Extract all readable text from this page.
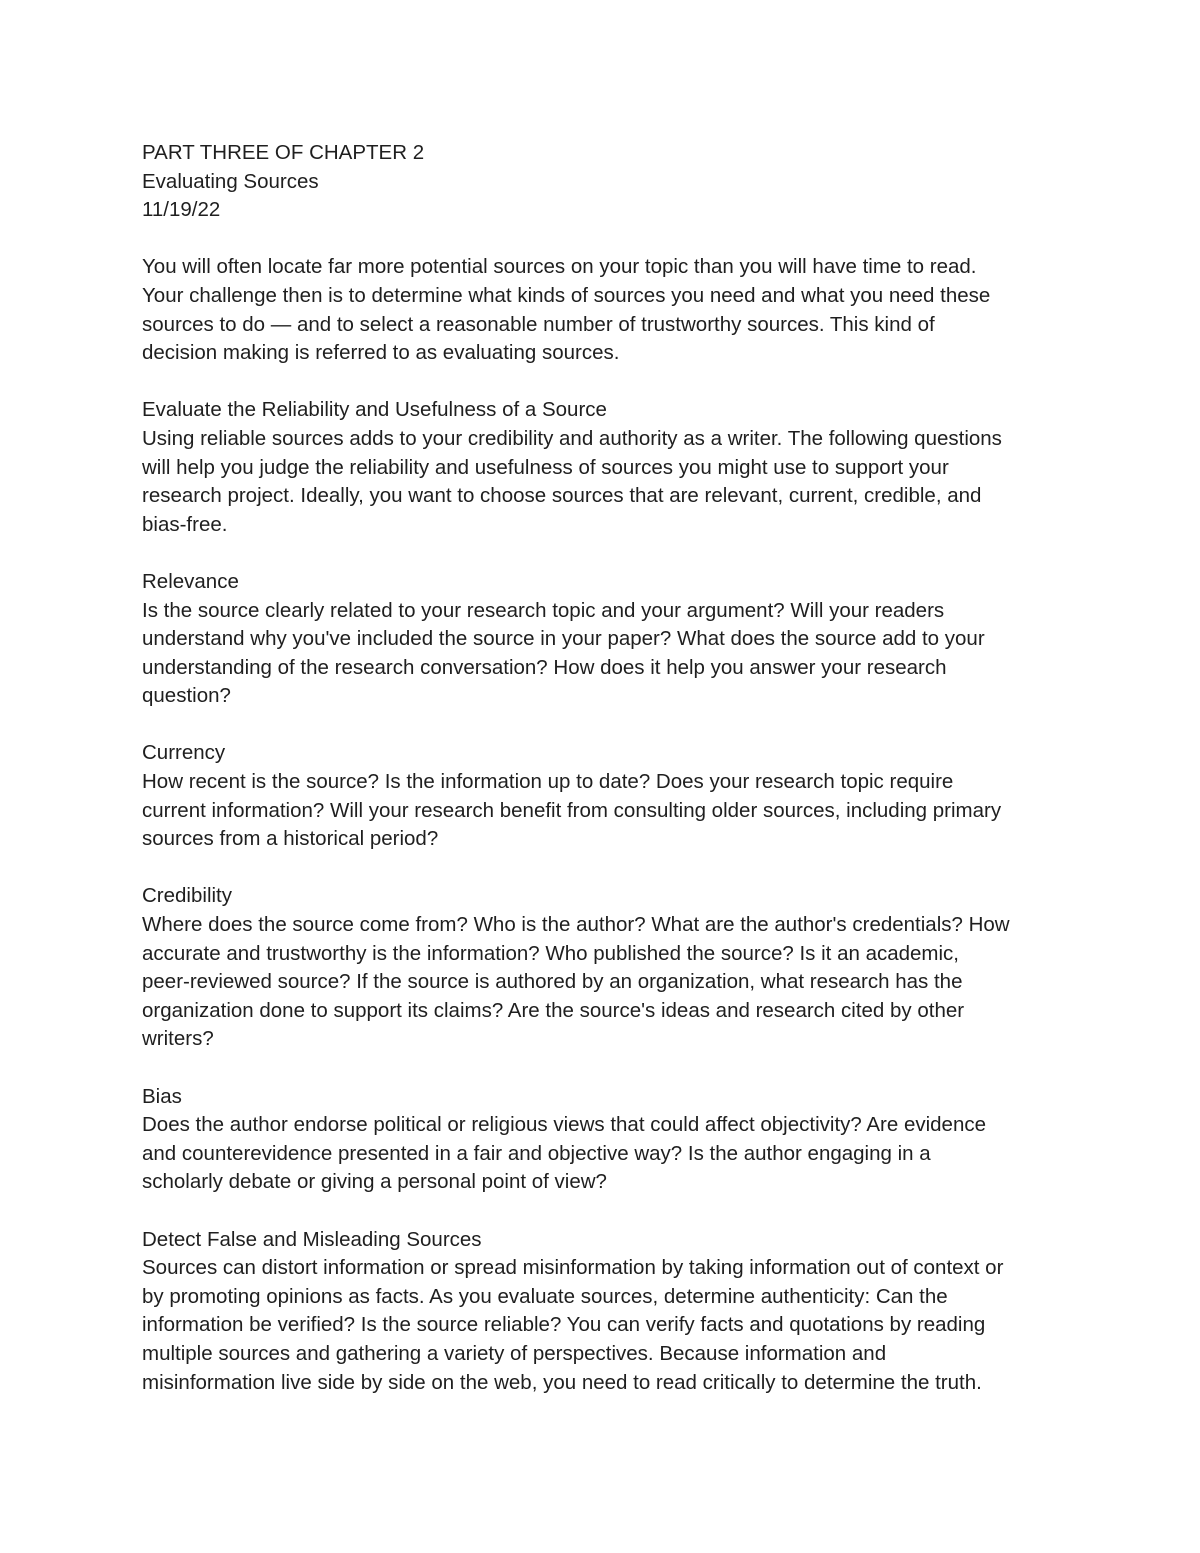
PART THREE OF CHAPTER 2

Evaluating Sources

11/19/22

You will often locate far more potential sources on your topic than you will have time to read.

Your challenge then is to determine what kinds of sources you need and what you need these

sources to do — and to select a reasonable number of trustworthy sources. This kind of

decision making is referred to as evaluating sources.

Evaluate the Reliability and Usefulness of a Source

Using reliable sources adds to your credibility and authority as a writer. The following questions

will help you judge the reliability and usefulness of sources you might use to support your

research project. Ideally, you want to choose sources that are relevant, current, credible, and

bias-free.

Relevance

Is the source clearly related to your research topic and your argument? Will your readers

understand why you've included the source in your paper? What does the source add to your

understanding of the research conversation? How does it help you answer your research

question?

Currency

How recent is the source? Is the information up to date? Does your research topic require

current information? Will your research benefit from consulting older sources, including primary

sources from a historical period?

Credibility

Where does the source come from? Who is the author? What are the author's credentials? How

accurate and trustworthy is the information? Who published the source? Is it an academic,

peer-reviewed source? If the source is authored by an organization, what research has the

organization done to support its claims? Are the source's ideas and research cited by other

writers?

Bias

Does the author endorse political or religious views that could affect objectivity? Are evidence

and counterevidence presented in a fair and objective way? Is the author engaging in a

scholarly debate or giving a personal point of view?

Detect False and Misleading Sources

Sources can distort information or spread misinformation by taking information out of context or

by promoting opinions as facts. As you evaluate sources, determine authenticity: Can the

information be verified? Is the source reliable? You can verify facts and quotations by reading

multiple sources and gathering a variety of perspectives. Because information and

misinformation live side by side on the web, you need to read critically to determine the truth.
